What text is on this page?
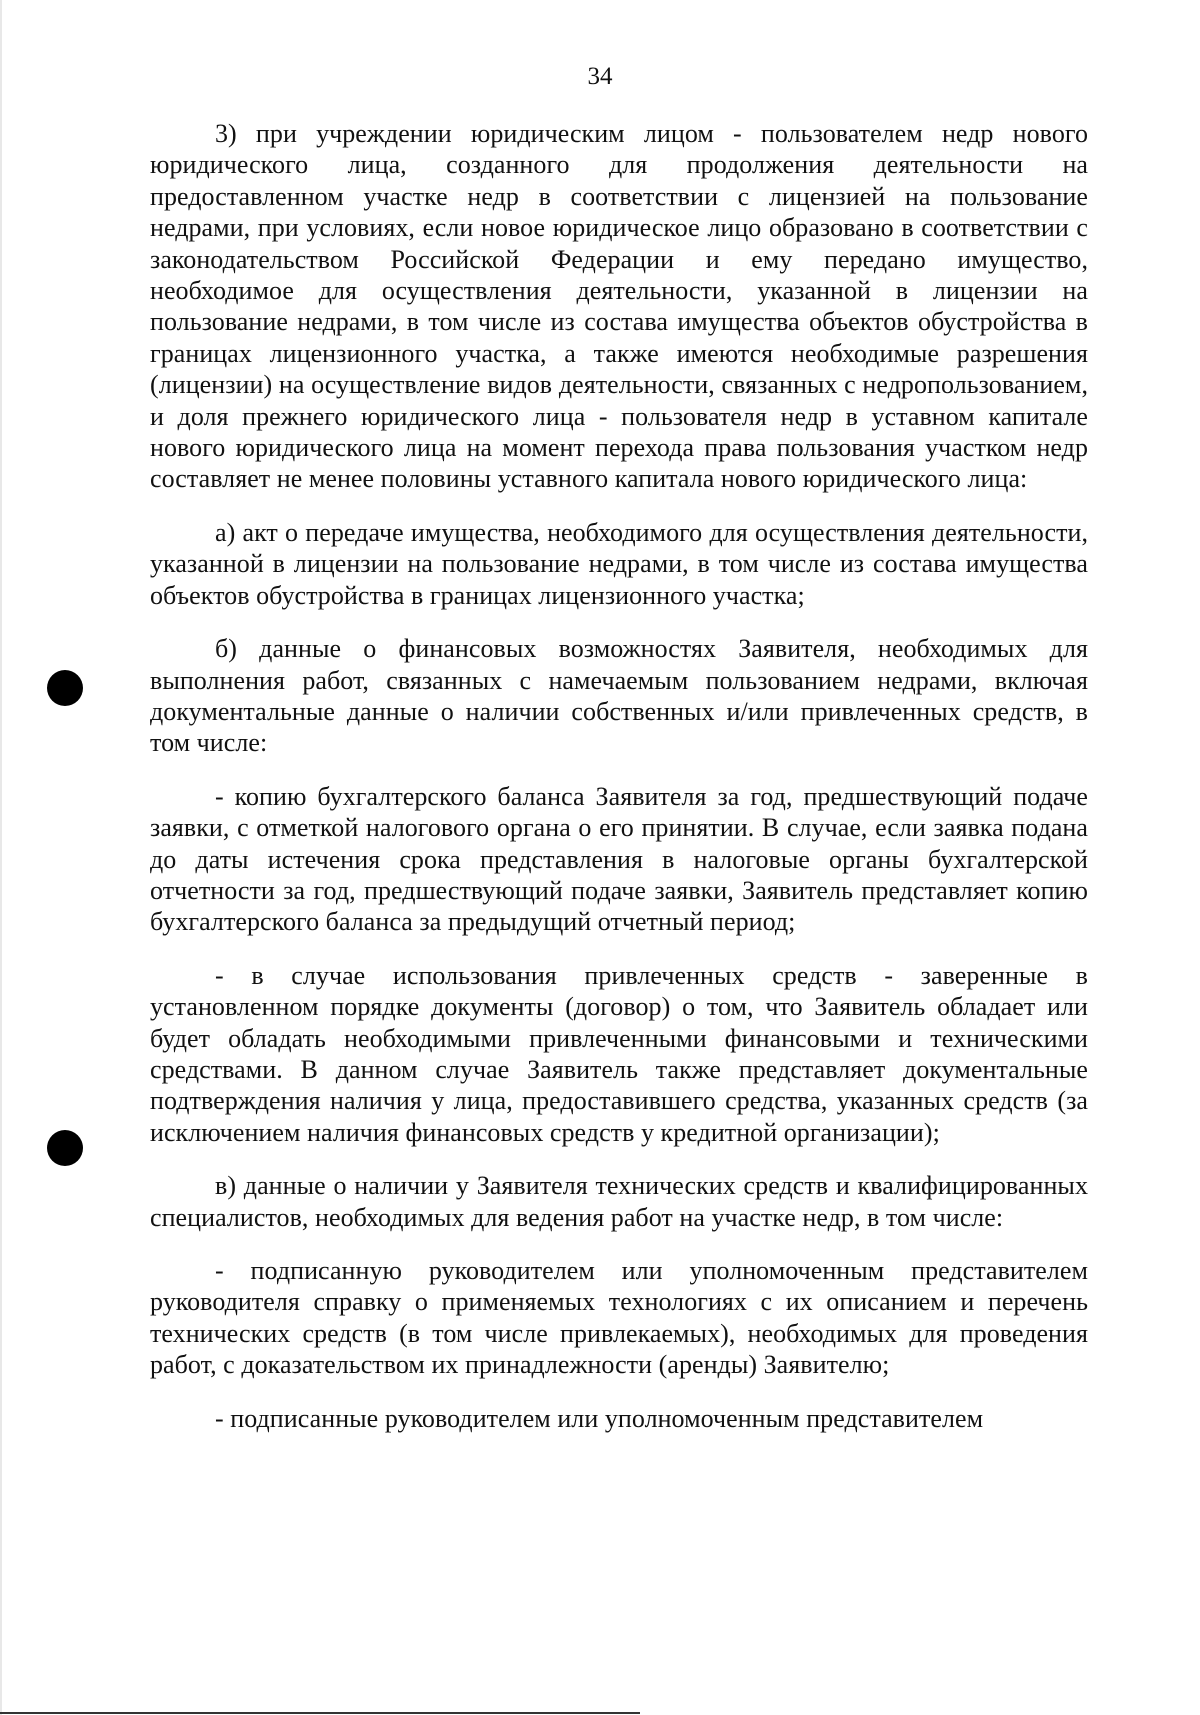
34

3) при учреждении юридическим лицом - пользователем недр нового юридического лица, созданного для продолжения деятельности на предоставленном участке недр в соответствии с лицензией на пользование недрами, при условиях, если новое юридическое лицо образовано в соответствии с законодательством Российской Федерации и ему передано имущество, необходимое для осуществления деятельности, указанной в лицензии на пользование недрами, в том числе из состава имущества объектов обустройства в границах лицензионного участка, а также имеются необходимые разрешения (лицензии) на осуществление видов деятельности, связанных с недропользованием, и доля прежнего юридического лица - пользователя недр в уставном капитале нового юридического лица на момент перехода права пользования участком недр составляет не менее половины уставного капитала нового юридического лица:

а) акт о передаче имущества, необходимого для осуществления деятельности, указанной в лицензии на пользование недрами, в том числе из состава имущества объектов обустройства в границах лицензионного участка;

б) данные о финансовых возможностях Заявителя, необходимых для выполнения работ, связанных с намечаемым пользованием недрами, включая документальные данные о наличии собственных и/или привлеченных средств, в том числе:

- копию бухгалтерского баланса Заявителя за год, предшествующий подаче заявки, с отметкой налогового органа о его принятии. В случае, если заявка подана до даты истечения срока представления в налоговые органы бухгалтерской отчетности за год, предшествующий подаче заявки, Заявитель представляет копию бухгалтерского баланса за предыдущий отчетный период;

- в случае использования привлеченных средств - заверенные в установленном порядке документы (договор) о том, что Заявитель обладает или будет обладать необходимыми привлеченными финансовыми и техническими средствами. В данном случае Заявитель также представляет документальные подтверждения наличия у лица, предоставившего средства, указанных средств (за исключением наличия финансовых средств у кредитной организации);

в) данные о наличии у Заявителя технических средств и квалифицированных специалистов, необходимых для ведения работ на участке недр, в том числе:

- подписанную руководителем или уполномоченным представителем руководителя справку о применяемых технологиях с их описанием и перечень технических средств (в том числе привлекаемых), необходимых для проведения работ, с доказательством их принадлежности (аренды) Заявителю;

- подписанные руководителем или уполномоченным представителем
